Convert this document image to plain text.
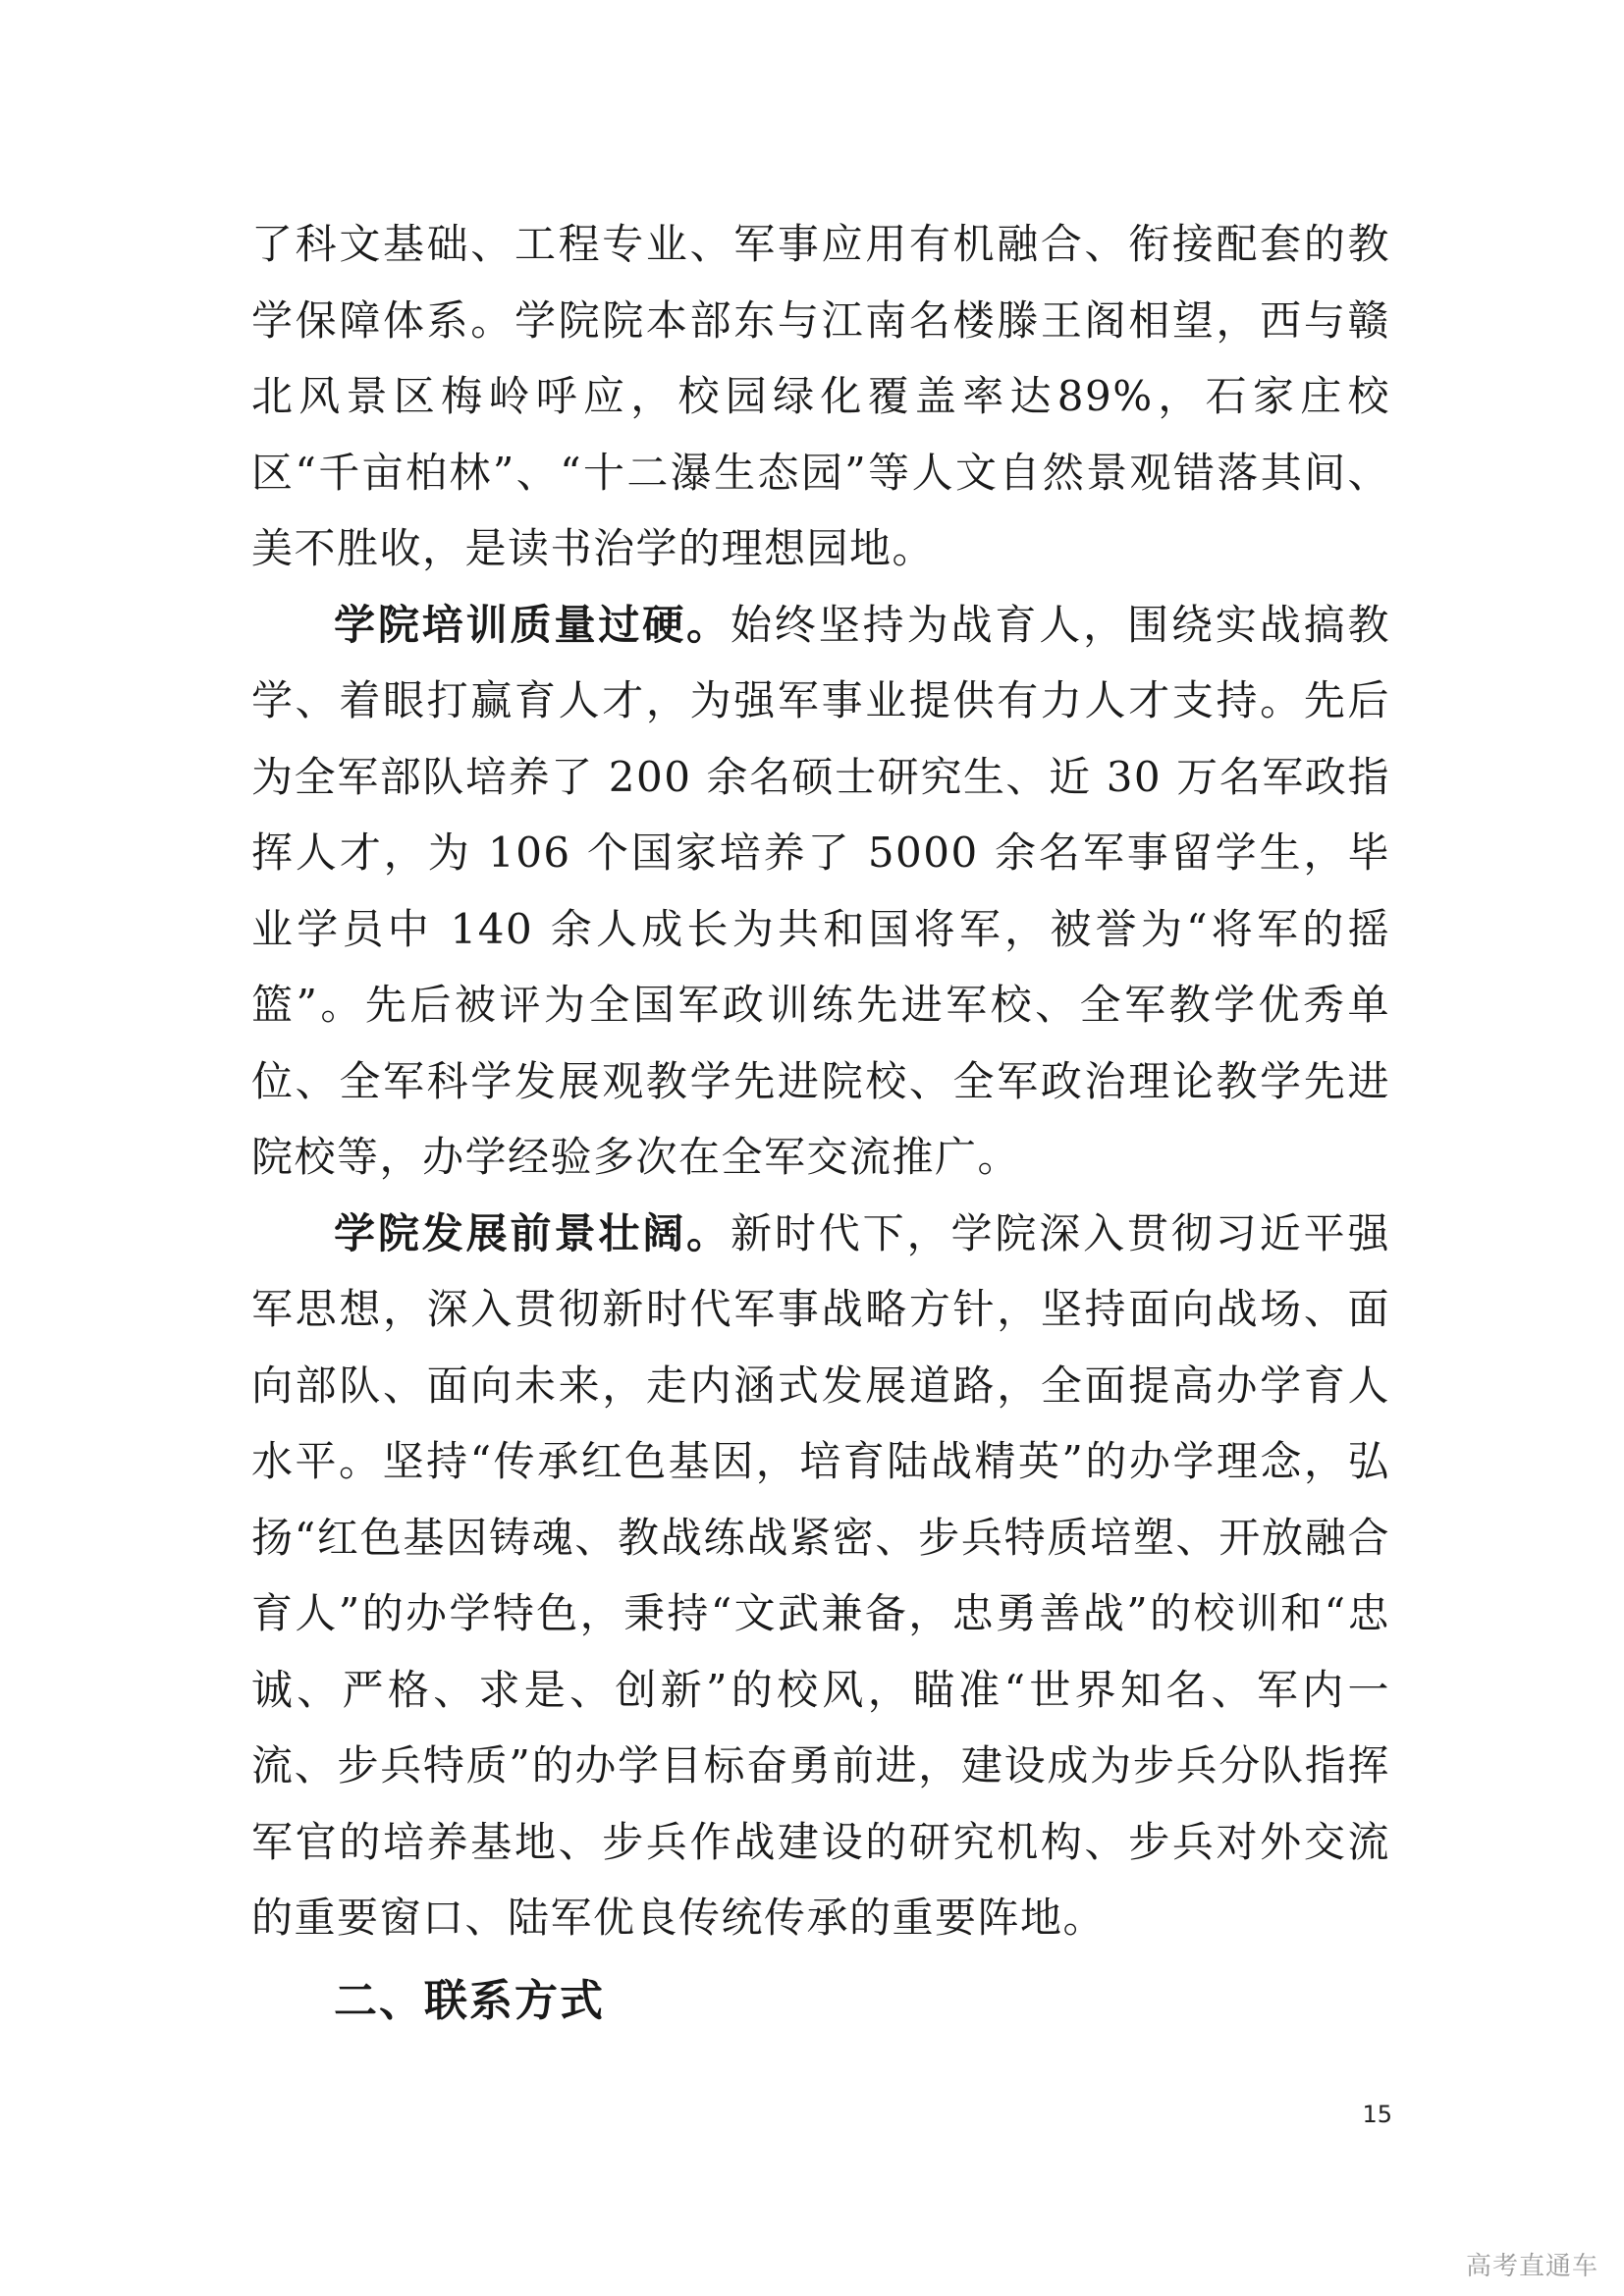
了科文基础、工程专业、军事应用有机融合、衔接配套的教学保障体系。学院院本部东与江南名楼滕王阁相望，西与赣北风景区梅岭呼应，校园绿化覆盖率达89%，石家庄校区“千亩柏林”、“十二瀑生态园”等人文自然景观错落其间、美不胜收，是读书治学的理想园地。

学院培训质量过硬。始终坚持为战育人，围绕实战搞教学、着眼打赢育人才，为强军事业提供有力人才支持。先后为全军部队培养了 200 余名硕士研究生、近 30 万名军政指挥人才，为 106 个国家培养了 5000 余名军事留学生，毕业学员中 140 余人成长为共和国将军，被誉为“将军的摇篮”。先后被评为全国军政训练先进军校、全军教学优秀单位、全军科学发展观教学先进院校、全军政治理论教学先进院校等，办学经验多次在全军交流推广。

学院发展前景壮阔。新时代下，学院深入贯彻习近平强军思想，深入贯彻新时代军事战略方针，坚持面向战场、面向部队、面向未来，走内涵式发展道路，全面提高办学育人水平。坚持“传承红色基因，培育陆战精英”的办学理念，弘扬“红色基因铸魂、教战练战紧密、步兵特质培塑、开放融合育人”的办学特色，秉持“文武兼备，忠勇善战”的校训和“忠诚、严格、求是、创新”的校风，瞄准“世界知名、军内一流、步兵特质”的办学目标奋勇前进，建设成为步兵分队指挥军官的培养基地、步兵作战建设的研究机构、步兵对外交流的重要窗口、陆军优良传统传承的重要阵地。

二、联系方式
15
高考直通车
